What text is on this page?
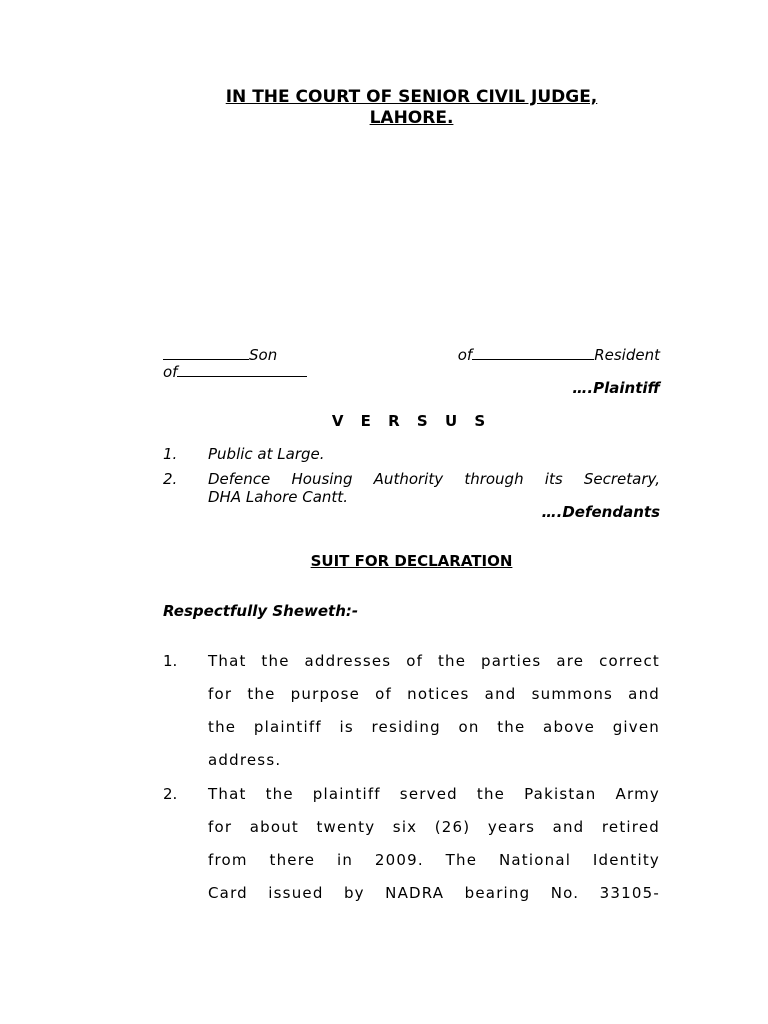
IN THE COURT OF SENIOR CIVIL JUDGE,
LAHORE.
Son	of	Resident
of
….Plaintiff
V E R S U S
1. Public at Large.
2. Defence Housing Authority through its Secretary,
DHA Lahore Cantt.
….Defendants
SUIT FOR DECLARATION
Respectfully Sheweth:-
1. That the addresses of the parties are correct
for the purpose of notices and summons and
the plaintiff is residing on the above given
address.
2. That the plaintiff served the Pakistan Army
for about twenty six (26) years and retired
from there in 2009. The National Identity
Card issued by NADRA bearing No. 33105-
